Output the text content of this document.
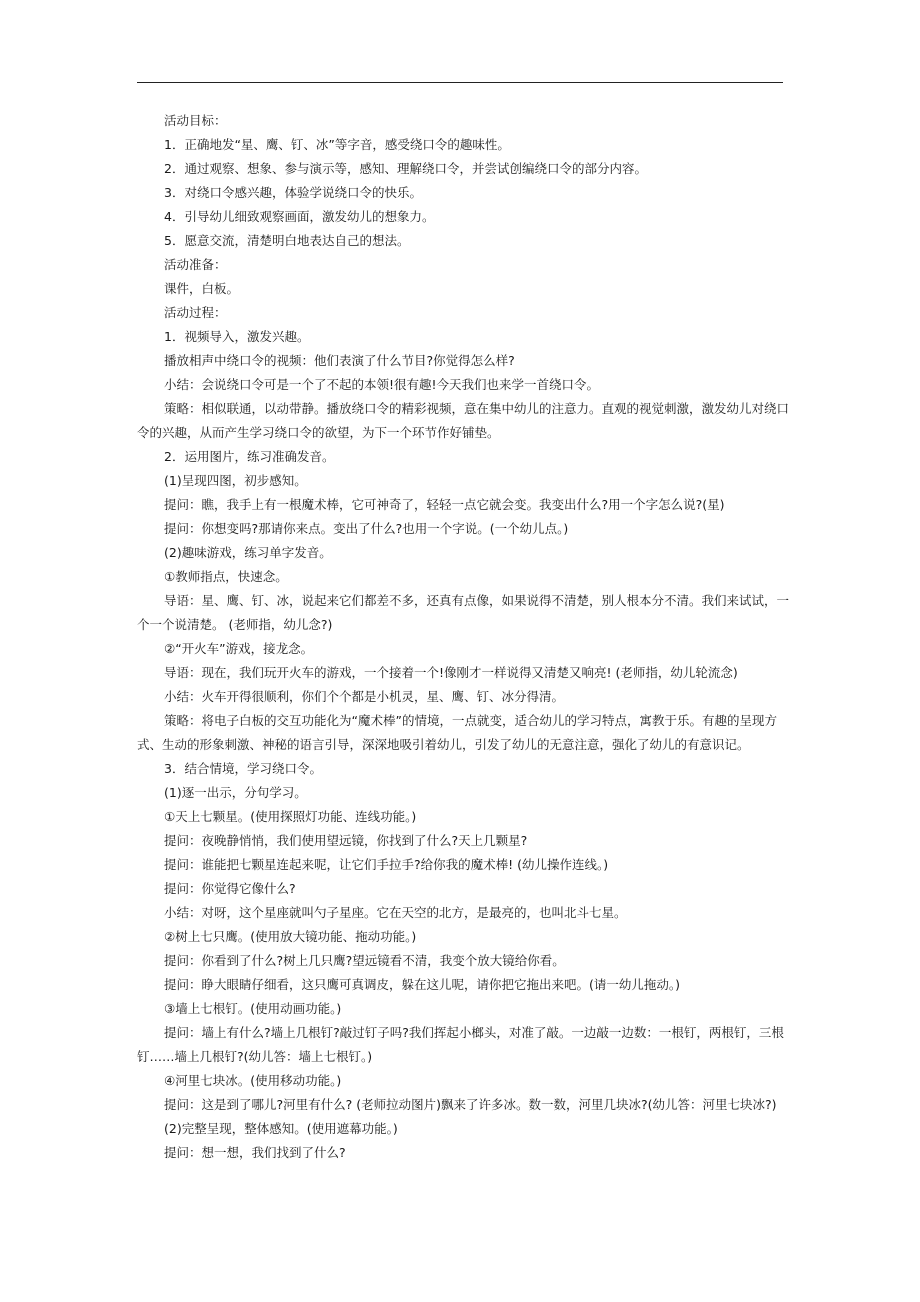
活动目标：

1．正确地发“星、鹰、钉、冰”等字音，感受绕口令的趣味性。

2．通过观察、想象、参与演示等，感知、理解绕口令，并尝试创编绕口令的部分内容。

3．对绕口令感兴趣，体验学说绕口令的快乐。

4．引导幼儿细致观察画面，激发幼儿的想象力。

5．愿意交流，清楚明白地表达自己的想法。

活动准备：

课件，白板。

活动过程：

1．视频导入，激发兴趣。

播放相声中绕口令的视频：他们表演了什么节目?你觉得怎么样?

小结：会说绕口令可是一个了不起的本领!很有趣!今天我们也来学一首绕口令。

策略：相似联通，以动带静。播放绕口令的精彩视频，意在集中幼儿的注意力。直观的视觉刺激，激发幼儿对绕口令的兴趣，从而产生学习绕口令的欲望，为下一个环节作好铺垫。

2．运用图片，练习准确发音。

(1)呈现四图，初步感知。

提问：瞧，我手上有一根魔术棒，它可神奇了，轻轻一点它就会变。我变出什么?用一个字怎么说?(星)

提问：你想变吗?那请你来点。变出了什么?也用一个字说。(一个幼儿点。)

(2)趣味游戏，练习单字发音。

①教师指点，快速念。

导语：星、鹰、钉、冰，说起来它们都差不多，还真有点像，如果说得不清楚，别人根本分不清。我们来试试，一个一个说清楚。 (老师指，幼儿念?)

②“开火车”游戏，接龙念。

导语：现在，我们玩开火车的游戏，一个接着一个!像刚才一样说得又清楚又响亮! (老师指，幼儿轮流念)

小结：火车开得很顺利，你们个个都是小机灵，星、鹰、钉、冰分得清。

策略：将电子白板的交互功能化为“魔术棒”的情境，一点就变，适合幼儿的学习特点，寓教于乐。有趣的呈现方式、生动的形象刺激、神秘的语言引导，深深地吸引着幼儿，引发了幼儿的无意注意，强化了幼儿的有意识记。

3．结合情境，学习绕口令。

(1)逐一出示，分句学习。

①天上七颗星。(使用探照灯功能、连线功能。)

提问：夜晚静悄悄，我们使用望远镜，你找到了什么?天上几颗星?

提问：谁能把七颗星连起来呢，让它们手拉手?给你我的魔术棒! (幼儿操作连线。)

提问：你觉得它像什么?

小结：对呀，这个星座就叫勺子星座。它在天空的北方，是最亮的，也叫北斗七星。

②树上七只鹰。(使用放大镜功能、拖动功能。)

提问：你看到了什么?树上几只鹰?望远镜看不清，我变个放大镜给你看。

提问：睁大眼睛仔细看，这只鹰可真调皮，躲在这儿呢，请你把它拖出来吧。(请一幼儿拖动。)

③墙上七根钉。(使用动画功能。)

提问：墙上有什么?墙上几根钉?敲过钉子吗?我们挥起小榔头，对准了敲。一边敲一边数：一根钉，两根钉，三根钉……墙上几根钉?(幼儿答：墙上七根钉。)

④河里七块冰。(使用移动功能。)

提问：这是到了哪儿?河里有什么? (老师拉动图片)飘来了许多冰。数一数，河里几块冰?(幼儿答：河里七块冰?)

(2)完整呈现，整体感知。(使用遮幕功能。)

提问：想一想，我们找到了什么?
